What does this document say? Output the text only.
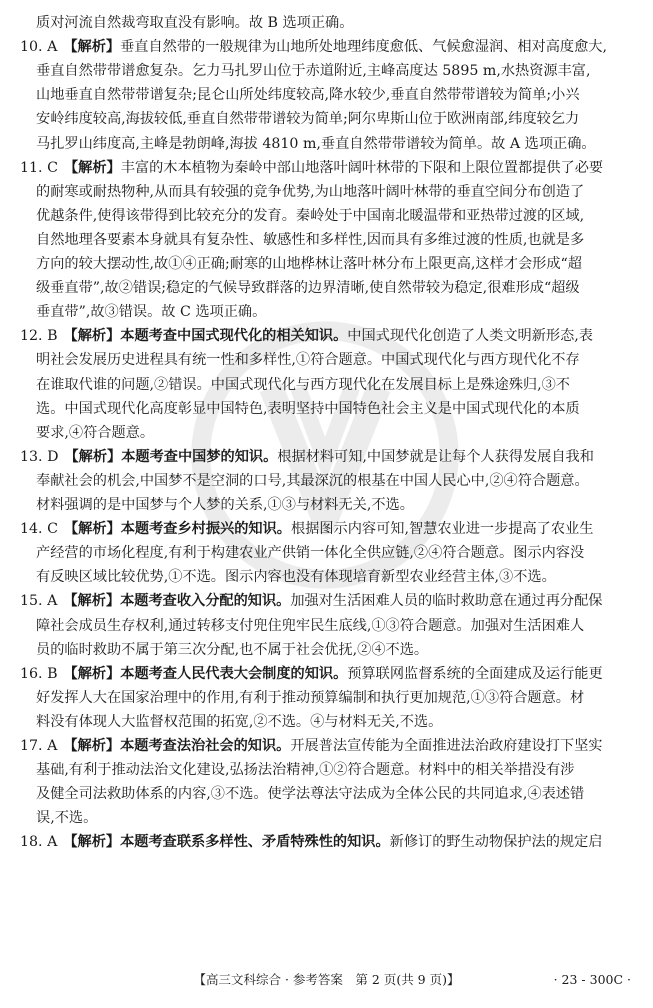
质对河流自然裁弯取直没有影响。故 B 选项正确。
10. A 【解析】垂直自然带的一般规律为山地所处地理纬度愈低、气候愈湿润、相对高度愈大,
垂直自然带带谱愈复杂。乞力马扎罗山位于赤道附近,主峰高度达 5895 m,水热资源丰富,
山地垂直自然带带谱复杂;昆仑山所处纬度较高,降水较少,垂直自然带带谱较为简单;小兴
安岭纬度较高,海拔较低,垂直自然带带谱较为简单;阿尔卑斯山位于欧洲南部,纬度较乞力
马扎罗山纬度高,主峰是勃朗峰,海拔 4810 m,垂直自然带带谱较为简单。故 A 选项正确。
11. C 【解析】丰富的木本植物为秦岭中部山地落叶阔叶林带的下限和上限位置都提供了必要
的耐寒或耐热物种,从而具有较强的竞争优势,为山地落叶阔叶林带的垂直空间分布创造了
优越条件,使得该带得到比较充分的发育。秦岭处于中国南北暖温带和亚热带过渡的区域,
自然地理各要素本身就具有复杂性、敏感性和多样性,因而具有多维过渡的性质,也就是多
方向的较大摆动性,故①④正确;耐寒的山地桦林让落叶林分布上限更高,这样才会形成“超
级垂直带”,故②错误;稳定的气候导致群落的边界清晰,使自然带较为稳定,很难形成“超级
垂直带”,故③错误。故 C 选项正确。
12. B 【解析】本题考查中国式现代化的相关知识。中国式现代化创造了人类文明新形态,表
明社会发展历史进程具有统一性和多样性,①符合题意。中国式现代化与西方现代化不存
在谁取代谁的问题,②错误。中国式现代化与西方现代化在发展目标上是殊途殊归,③不
选。中国式现代化高度彰显中国特色,表明坚持中国特色社会主义是中国式现代化的本质
要求,④符合题意。
13. D 【解析】本题考查中国梦的知识。根据材料可知,中国梦就是让每个人获得发展自我和
奉献社会的机会,中国梦不是空洞的口号,其最深沉的根基在中国人民心中,②④符合题意。
材料强调的是中国梦与个人梦的关系,①③与材料无关,不选。
14. C 【解析】本题考查乡村振兴的知识。根据图示内容可知,智慧农业进一步提高了农业生
产经营的市场化程度,有利于构建农业产供销一体化全供应链,②④符合题意。图示内容没
有反映区域比较优势,①不选。图示内容也没有体现培育新型农业经营主体,③不选。
15. A 【解析】本题考查收入分配的知识。加强对生活困难人员的临时救助意在通过再分配保
障社会成员生存权利,通过转移支付兜住兜牢民生底线,①③符合题意。加强对生活困难人
员的临时救助不属于第三次分配,也不属于社会优抚,②④不选。
16. B 【解析】本题考查人民代表大会制度的知识。预算联网监督系统的全面建成及运行能更
好发挥人大在国家治理中的作用,有利于推动预算编制和执行更加规范,①③符合题意。材
料没有体现人大监督权范围的拓宽,②不选。④与材料无关,不选。
17. A 【解析】本题考查法治社会的知识。开展普法宣传能为全面推进法治政府建设打下坚实
基础,有利于推动法治文化建设,弘扬法治精神,①②符合题意。材料中的相关举措没有涉
及健全司法救助体系的内容,③不选。使学法尊法守法成为全体公民的共同追求,④表述错
误,不选。
18. A 【解析】本题考查联系多样性、矛盾特殊性的知识。新修订的野生动物保护法的规定启
【高三文科综合 · 参考答案　第 2 页(共 9 页)】	· 23 - 300C ·
